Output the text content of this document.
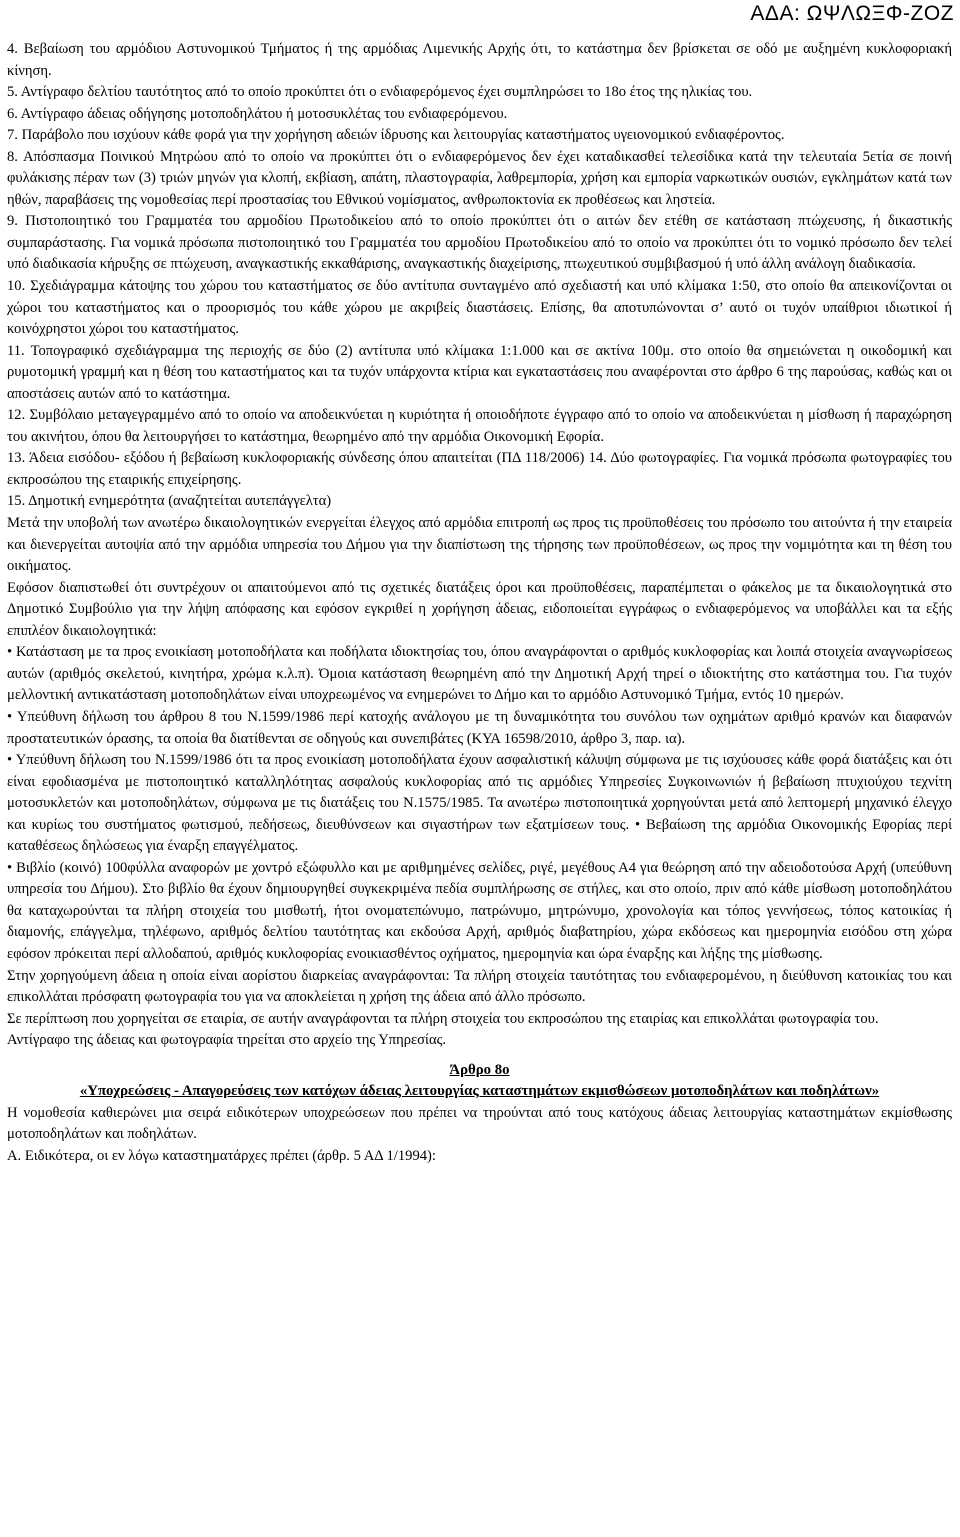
ΑΔΑ: ΩΨΛΩΞΦ-ΖΟΖ

4. Βεβαίωση του αρμόδιου Αστυνομικού Τμήματος ή της αρμόδιας Λιμενικής Αρχής ότι, το κατάστημα δεν βρίσκεται σε οδό με αυξημένη κυκλοφοριακή κίνηση.

5. Αντίγραφο δελτίου ταυτότητος από το οποίο προκύπτει ότι ο ενδιαφερόμενος έχει συμπληρώσει το 18ο έτος της ηλικίας του.

6. Αντίγραφο άδειας οδήγησης μοτοποδηλάτου ή μοτοσυκλέτας του ενδιαφερόμενου.

7. Παράβολο που ισχύουν κάθε φορά για την χορήγηση αδειών ίδρυσης και λειτουργίας καταστήματος υγειονομικού ενδιαφέροντος.

8. Απόσπασμα Ποινικού Μητρώου από το οποίο να προκύπτει ότι ο ενδιαφερόμενος δεν έχει καταδικασθεί τελεσίδικα κατά την τελευταία 5ετία σε ποινή φυλάκισης πέραν των (3) τριών μηνών για κλοπή, εκβίαση, απάτη, πλαστογραφία, λαθρεμπορία, χρήση και εμπορία ναρκωτικών ουσιών, εγκλημάτων κατά των ηθών, παραβάσεις της νομοθεσίας περί προστασίας του Εθνικού νομίσματος, ανθρωποκτονία εκ προθέσεως και ληστεία.

9. Πιστοποιητικό του Γραμματέα του αρμοδίου Πρωτοδικείου από το οποίο προκύπτει ότι ο αιτών δεν ετέθη σε κατάσταση πτώχευσης, ή δικαστικής συμπαράστασης. Για νομικά πρόσωπα πιστοποιητικό του Γραμματέα του αρμοδίου Πρωτοδικείου από το οποίο να προκύπτει ότι το νομικό πρόσωπο δεν τελεί υπό διαδικασία κήρυξης σε πτώχευση, αναγκαστικής εκκαθάρισης, αναγκαστικής διαχείρισης, πτωχευτικού συμβιβασμού ή υπό άλλη ανάλογη διαδικασία.

10. Σχεδιάγραμμα κάτοψης του χώρου του καταστήματος σε δύο αντίτυπα συνταγμένο από σχεδιαστή και υπό κλίμακα 1:50, στο οποίο θα απεικονίζονται οι χώροι του καταστήματος και ο προορισμός του κάθε χώρου με ακριβείς διαστάσεις. Επίσης, θα αποτυπώνονται σ’ αυτό οι τυχόν υπαίθριοι ιδιωτικοί ή κοινόχρηστοι χώροι του καταστήματος.

11. Τοπογραφικό σχεδιάγραμμα της περιοχής σε δύο (2) αντίτυπα υπό κλίμακα 1:1.000 και σε ακτίνα 100μ. στο οποίο θα σημειώνεται η οικοδομική και ρυμοτομική γραμμή και η θέση του καταστήματος και τα τυχόν υπάρχοντα κτίρια και εγκαταστάσεις που αναφέρονται στο άρθρο 6 της παρούσας, καθώς και οι αποστάσεις αυτών από το κατάστημα.

12. Συμβόλαιο μεταγεγραμμένο από το οποίο να αποδεικνύεται η κυριότητα ή οποιοδήποτε έγγραφο από το οποίο να αποδεικνύεται η μίσθωση ή παραχώρηση του ακινήτου, όπου θα λειτουργήσει το κατάστημα, θεωρημένο από την αρμόδια Οικονομική Εφορία.

13. Άδεια εισόδου- εξόδου ή βεβαίωση κυκλοφοριακής σύνδεσης όπου απαιτείται (ΠΔ 118/2006) 14. Δύο φωτογραφίες. Για νομικά πρόσωπα φωτογραφίες του εκπροσώπου της εταιρικής επιχείρησης.

15. Δημοτική ενημερότητα (αναζητείται αυτεπάγγελτα)

Μετά την υποβολή των ανωτέρω δικαιολογητικών ενεργείται έλεγχος από αρμόδια επιτροπή ως προς τις προϋποθέσεις του πρόσωπο του αιτούντα ή την εταιρεία και διενεργείται αυτοψία από την αρμόδια υπηρεσία του Δήμου για την διαπίστωση της τήρησης των προϋποθέσεων, ως προς την νομιμότητα και τη θέση του οικήματος.

Εφόσον διαπιστωθεί ότι συντρέχουν οι απαιτούμενοι από τις σχετικές διατάξεις όροι και προϋποθέσεις, παραπέμπεται ο φάκελος με τα δικαιολογητικά στο Δημοτικό Συμβούλιο για την λήψη απόφασης και εφόσον εγκριθεί η χορήγηση άδειας, ειδοποιείται εγγράφως ο ενδιαφερόμενος να υποβάλλει και τα εξής επιπλέον δικαιολογητικά:

• Κατάσταση με τα προς ενοικίαση μοτοποδήλατα και ποδήλατα ιδιοκτησίας του, όπου αναγράφονται ο αριθμός κυκλοφορίας και λοιπά στοιχεία αναγνωρίσεως αυτών (αριθμός σκελετού, κινητήρα, χρώμα κ.λ.π). Όμοια κατάσταση θεωρημένη από την Δημοτική Αρχή τηρεί ο ιδιοκτήτης στο κατάστημα του. Για τυχόν μελλοντική αντικατάσταση μοτοποδηλάτων είναι υποχρεωμένος να ενημερώνει το Δήμο και το αρμόδιο Αστυνομικό Τμήμα, εντός 10 ημερών.

• Υπεύθυνη δήλωση του άρθρου 8 του Ν.1599/1986 περί κατοχής ανάλογου με τη δυναμικότητα του συνόλου των οχημάτων αριθμό κρανών και διαφανών προστατευτικών όρασης, τα οποία θα διατίθενται σε οδηγούς και συνεπιβάτες (ΚΥΑ 16598/2010, άρθρο 3, παρ. ια).

• Υπεύθυνη δήλωση του Ν.1599/1986 ότι τα προς ενοικίαση μοτοποδήλατα έχουν ασφαλιστική κάλυψη σύμφωνα με τις ισχύουσες κάθε φορά διατάξεις και ότι είναι εφοδιασμένα με πιστοποιητικό καταλληλότητας ασφαλούς κυκλοφορίας από τις αρμόδιες Υπηρεσίες Συγκοινωνιών ή βεβαίωση πτυχιούχου τεχνίτη μοτοσυκλετών και μοτοποδηλάτων, σύμφωνα με τις διατάξεις του Ν.1575/1985. Τα ανωτέρω πιστοποιητικά χορηγούνται μετά από λεπτομερή μηχανικό έλεγχο και κυρίως του συστήματος φωτισμού, πεδήσεως, διευθύνσεων και σιγαστήρων των εξατμίσεων τους. • Βεβαίωση της αρμόδια Οικονομικής Εφορίας περί καταθέσεως δηλώσεως για έναρξη επαγγέλματος.

• Βιβλίο (κοινό) 100φύλλα αναφορών με χοντρό εξώφυλλο και με αριθμημένες σελίδες, ριγέ, μεγέθους Α4 για θεώρηση από την αδειοδοτούσα Αρχή (υπεύθυνη υπηρεσία του Δήμου). Στο βιβλίο θα έχουν δημιουργηθεί συγκεκριμένα πεδία συμπλήρωσης σε στήλες, και στο οποίο, πριν από κάθε μίσθωση μοτοποδηλάτου θα καταχωρούνται τα πλήρη στοιχεία του μισθωτή, ήτοι ονοματεπώνυμο, πατρώνυμο, μητρώνυμο, χρονολογία και τόπος γεννήσεως, τόπος κατοικίας ή διαμονής, επάγγελμα, τηλέφωνο, αριθμός δελτίου ταυτότητας και εκδούσα Αρχή, αριθμός διαβατηρίου, χώρα εκδόσεως και ημερομηνία εισόδου στη χώρα εφόσον πρόκειται περί αλλοδαπού, αριθμός κυκλοφορίας ενοικιασθέντος οχήματος, ημερομηνία και ώρα έναρξης και λήξης της μίσθωσης.

Στην χορηγούμενη άδεια η οποία είναι αορίστου διαρκείας αναγράφονται: Τα πλήρη στοιχεία ταυτότητας του ενδιαφερομένου, η διεύθυνση κατοικίας του και επικολλάται πρόσφατη φωτογραφία του για να αποκλείεται η χρήση της άδεια από άλλο πρόσωπο.

Σε περίπτωση που χορηγείται σε εταιρία, σε αυτήν αναγράφονται τα πλήρη στοιχεία του εκπροσώπου της εταιρίας και επικολλάται φωτογραφία του.

Αντίγραφο της άδειας και φωτογραφία τηρείται στο αρχείο της Υπηρεσίας.

Άρθρο 8ο

«Υποχρεώσεις - Απαγορεύσεις των κατόχων άδειας λειτουργίας καταστημάτων εκμισθώσεων μοτοποδηλάτων και ποδηλάτων»

Η νομοθεσία καθιερώνει μια σειρά ειδικότερων υποχρεώσεων που πρέπει να τηρούνται από τους κατόχους άδειας λειτουργίας καταστημάτων εκμίσθωσης μοτοποδηλάτων και ποδηλάτων.

Α. Ειδικότερα, οι εν λόγω καταστηματάρχες πρέπει (άρθρ. 5 ΑΔ 1/1994):
